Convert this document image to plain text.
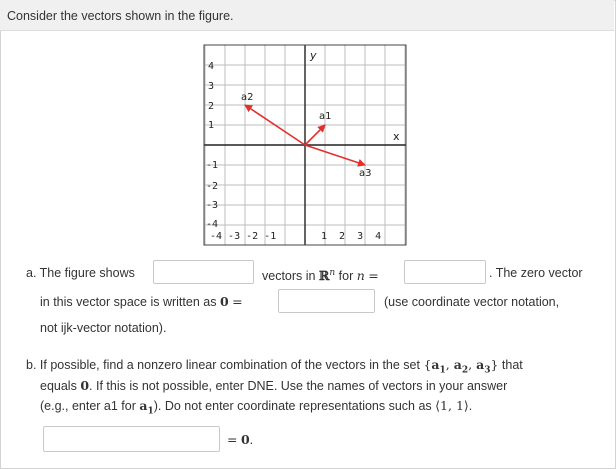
Consider the vectors shown in the figure.
y
x
4
3
2
1
-1
-2
-3
-4
-4 -3 -2 -1	1  2  3  4
a1
a2
a3
a. The figure shows	vectors in ℝ$^n$ for n =	. The zero vector
in this vector space is written as 0 =	(use coordinate vector notation,
not ijk-vector notation).
b. If possible, find a nonzero linear combination of the vectors in the set {$a_1$, $a_2$, $a_3$} that
equals 0. If this is not possible, enter DNE. Use the names of vectors in your answer
(e.g., enter a1 for $a_1$). Do not enter coordinate representations such as ⟨1, 1⟩.
= 0.
